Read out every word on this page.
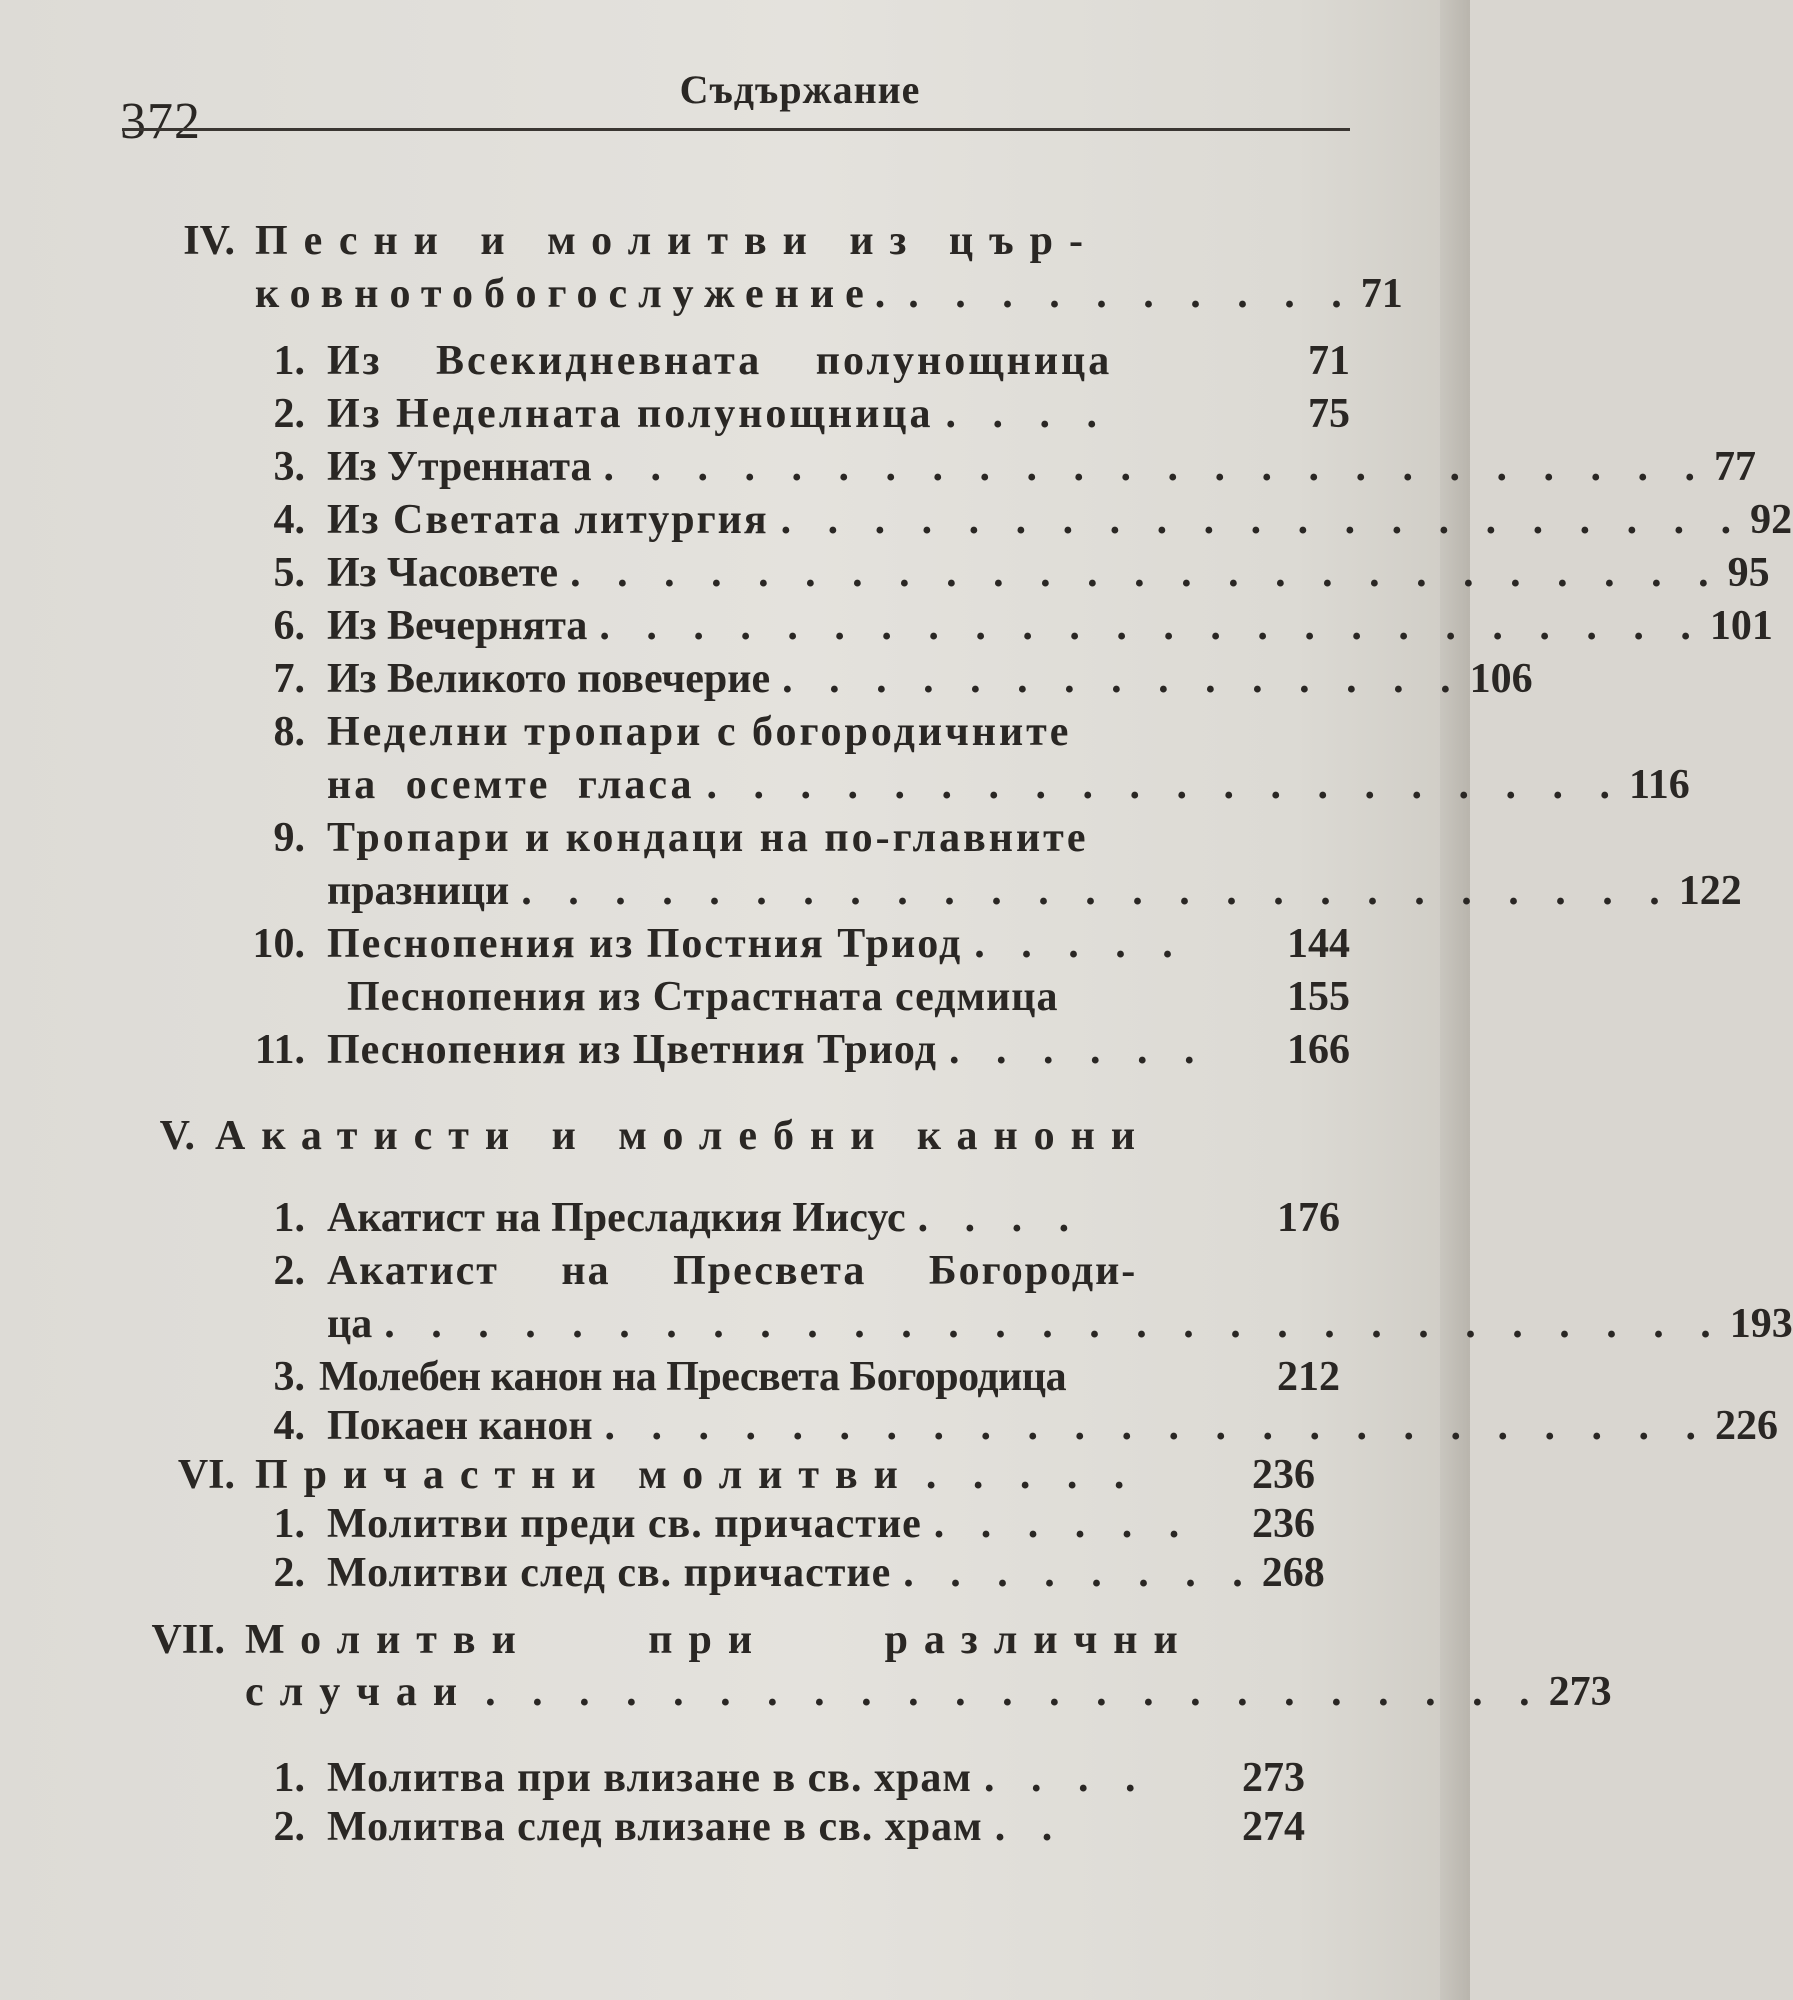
372
Съдържание
IV. Песни и молитви из цър-
ковнотобогослужение. . . . . . . . . . . 71
1. Из Всекидневната полунощница	71
2. Из Неделната полунощница . . . .	75
3. Из Утренната . . . . . . . . . . . . . . . . . . . . . . . . 77
4. Из Светата литургия . . . . . . . . . . . . . . . . . . . . . 92
5. Из Часовете . . . . . . . . . . . . . . . . . . . . . . . . . 95
6. Из Вечернята . . . . . . . . . . . . . . . . . . . . . . . . 101
7. Из Великото повечерие . . . . . . . . . . . . . . . 106
8. Неделни тропари с богородичните
на осемте гласа . . . . . . . . . . . . . . . . . . . . 116
9. Тропари и кондаци на по-главните
празници . . . . . . . . . . . . . . . . . . . . . . . . . 122
10. Песнопения из Постния Триод . . . . .	144
Песнопения из Страстната седмица	155
11. Песнопения из Цветния Триод . . . . . .	166
V. Акатисти и молебни канони
1. Акатист на Пресладкия Иисус . . . .	176
2. Акатист на Пресвета Богороди-
ца . . . . . . . . . . . . . . . . . . . . . . . . . . . . . 193
3. Молебен канон на Пресвета Богородица	212
4. Покаен канон . . . . . . . . . . . . . . . . . . . . . . . . 226
VI. Причастни молитви . . . . .	236
1. Молитви преди св. причастие . . . . . .	236
2. Молитви след св. причастие . . . . . . . . 268
VII. Молитви при различни
случаи . . . . . . . . . . . . . . . . . . . . . . . 273
1. Молитва при влизане в св. храм . . . .	273
2. Молитва след влизане в св. храм . .	274
